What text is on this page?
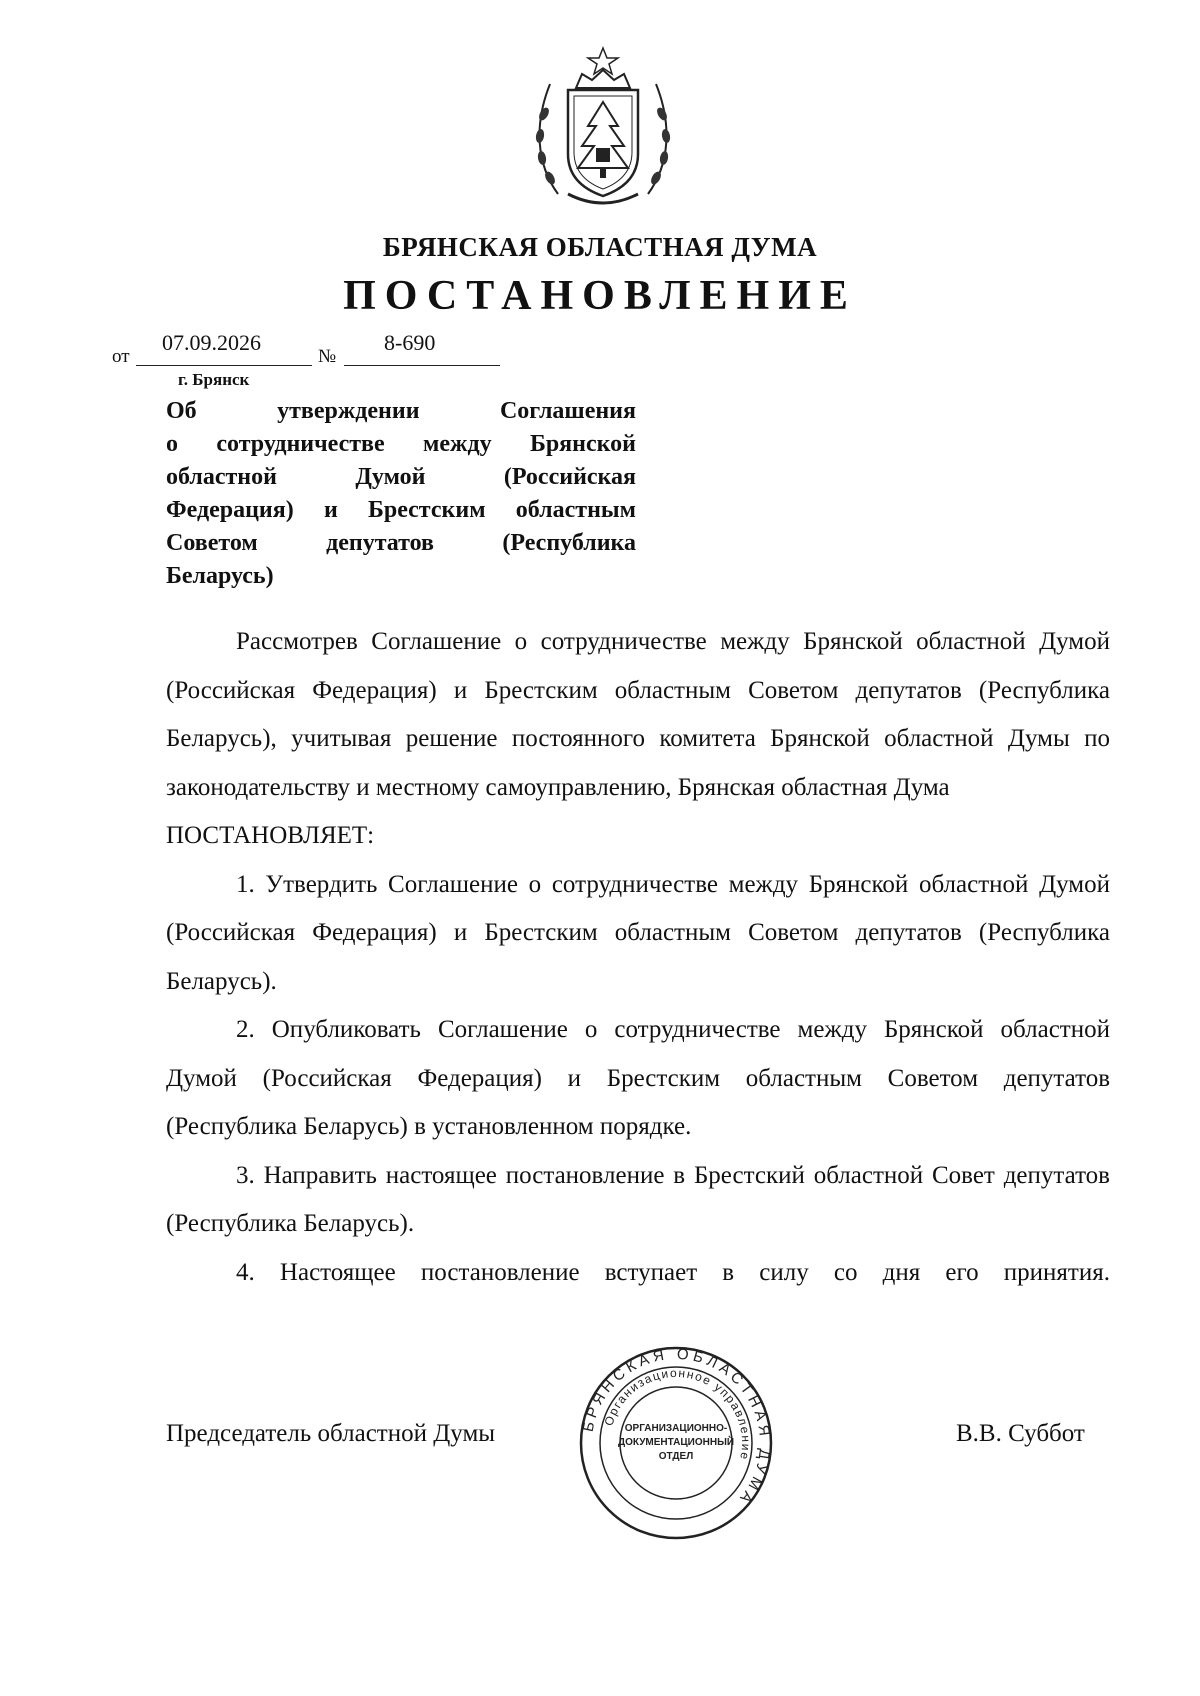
БРЯНСКАЯ ОБЛАСТНАЯ ДУМА
ПОСТАНОВЛЕНИЕ
от
07.09.2026
№
8-690
г. Брянск
Об утверждении Соглашения
о сотрудничестве между Брянской
областной Думой (Российская
Федерация) и Брестским областным
Советом депутатов (Республика
Беларусь)

Рассмотрев Соглашение о сотрудничестве между Брянской областной Думой (Российская Федерация) и Брестским областным Советом депутатов (Республика Беларусь), учитывая решение постоянного комитета Брянской областной Думы по законодательству и местному самоуправлению, Брянская областная Дума

ПОСТАНОВЛЯЕТ:

1. Утвердить Соглашение о сотрудничестве между Брянской областной Думой (Российская Федерация) и Брестским областным Советом депутатов (Республика Беларусь).

2. Опубликовать Соглашение о сотрудничестве между Брянской областной Думой (Российская Федерация) и Брестским областным Советом депутатов (Республика Беларусь) в установленном порядке.

3. Направить настоящее постановление в Брестский областной Совет депутатов (Республика Беларусь).

4. Настоящее постановление вступает в силу со дня его принятия.

Председатель областной Думы	В.В. Суббот
БРЯНСКАЯ ОБЛАСТНАЯ ДУМА
Организационное управление
ОРГАНИЗАЦИОННО-
ДОКУМЕНТАЦИОННЫЙ
ОТДЕЛ
